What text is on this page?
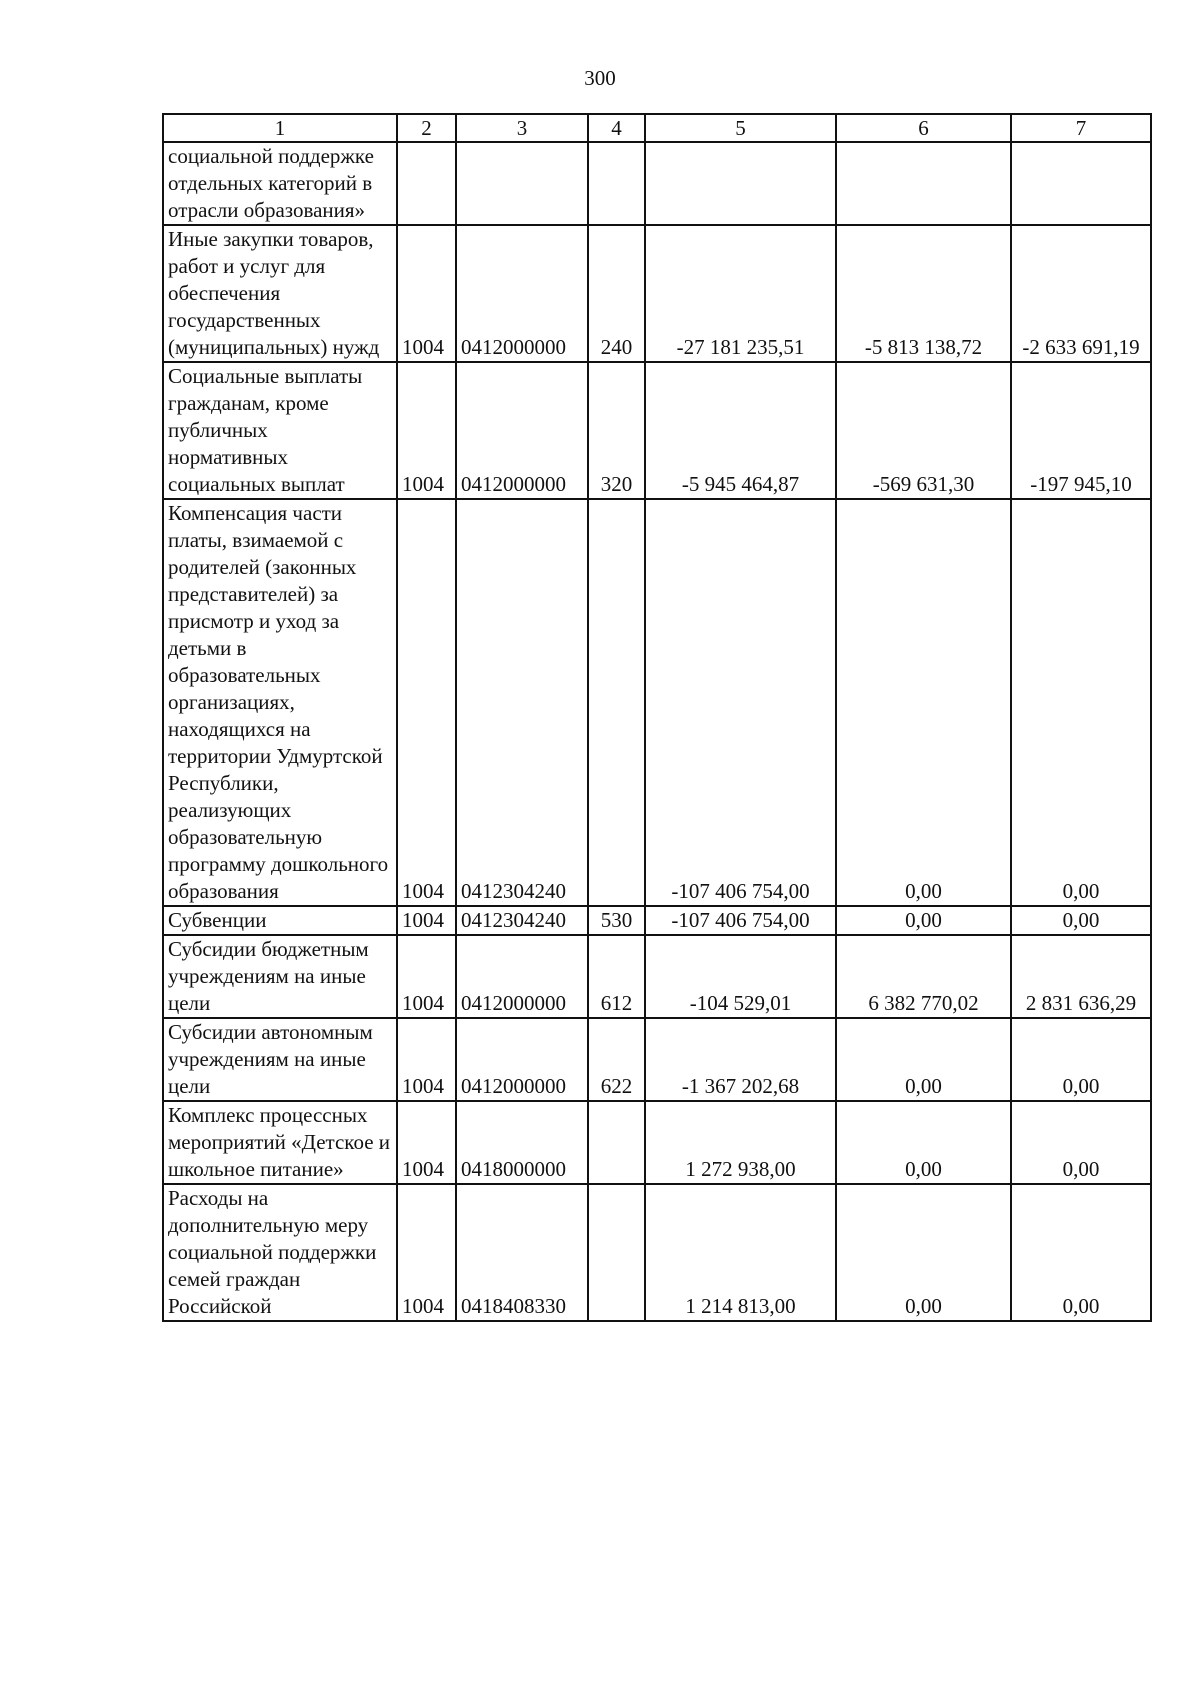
300
1	2	3	4	5	6	7
социальной поддержке отдельных категорий в отрасли образования»						
Иные закупки товаров, работ и услуг для обеспечения государственных (муниципальных) нужд	1004	0412000000	240	-27 181 235,51	-5 813 138,72	-2 633 691,19
Социальные выплаты гражданам, кроме публичных нормативных социальных выплат	1004	0412000000	320	-5 945 464,87	-569 631,30	-197 945,10
Компенсация части платы, взимаемой с родителей (законных представителей) за присмотр и уход за детьми в образовательных организациях, находящихся на территории Удмуртской Республики, реализующих образовательную программу дошкольного образования	1004	0412304240		-107 406 754,00	0,00	0,00
Субвенции	1004	0412304240	530	-107 406 754,00	0,00	0,00
Субсидии бюджетным учреждениям на иные цели	1004	0412000000	612	-104 529,01	6 382 770,02	2 831 636,29
Субсидии автономным учреждениям на иные цели	1004	0412000000	622	-1 367 202,68	0,00	0,00
Комплекс процессных мероприятий «Детское и школьное питание»	1004	0418000000		1 272 938,00	0,00	0,00
Расходы на дополнительную меру социальной поддержки семей граждан Российской	1004	0418408330		1 214 813,00	0,00	0,00
